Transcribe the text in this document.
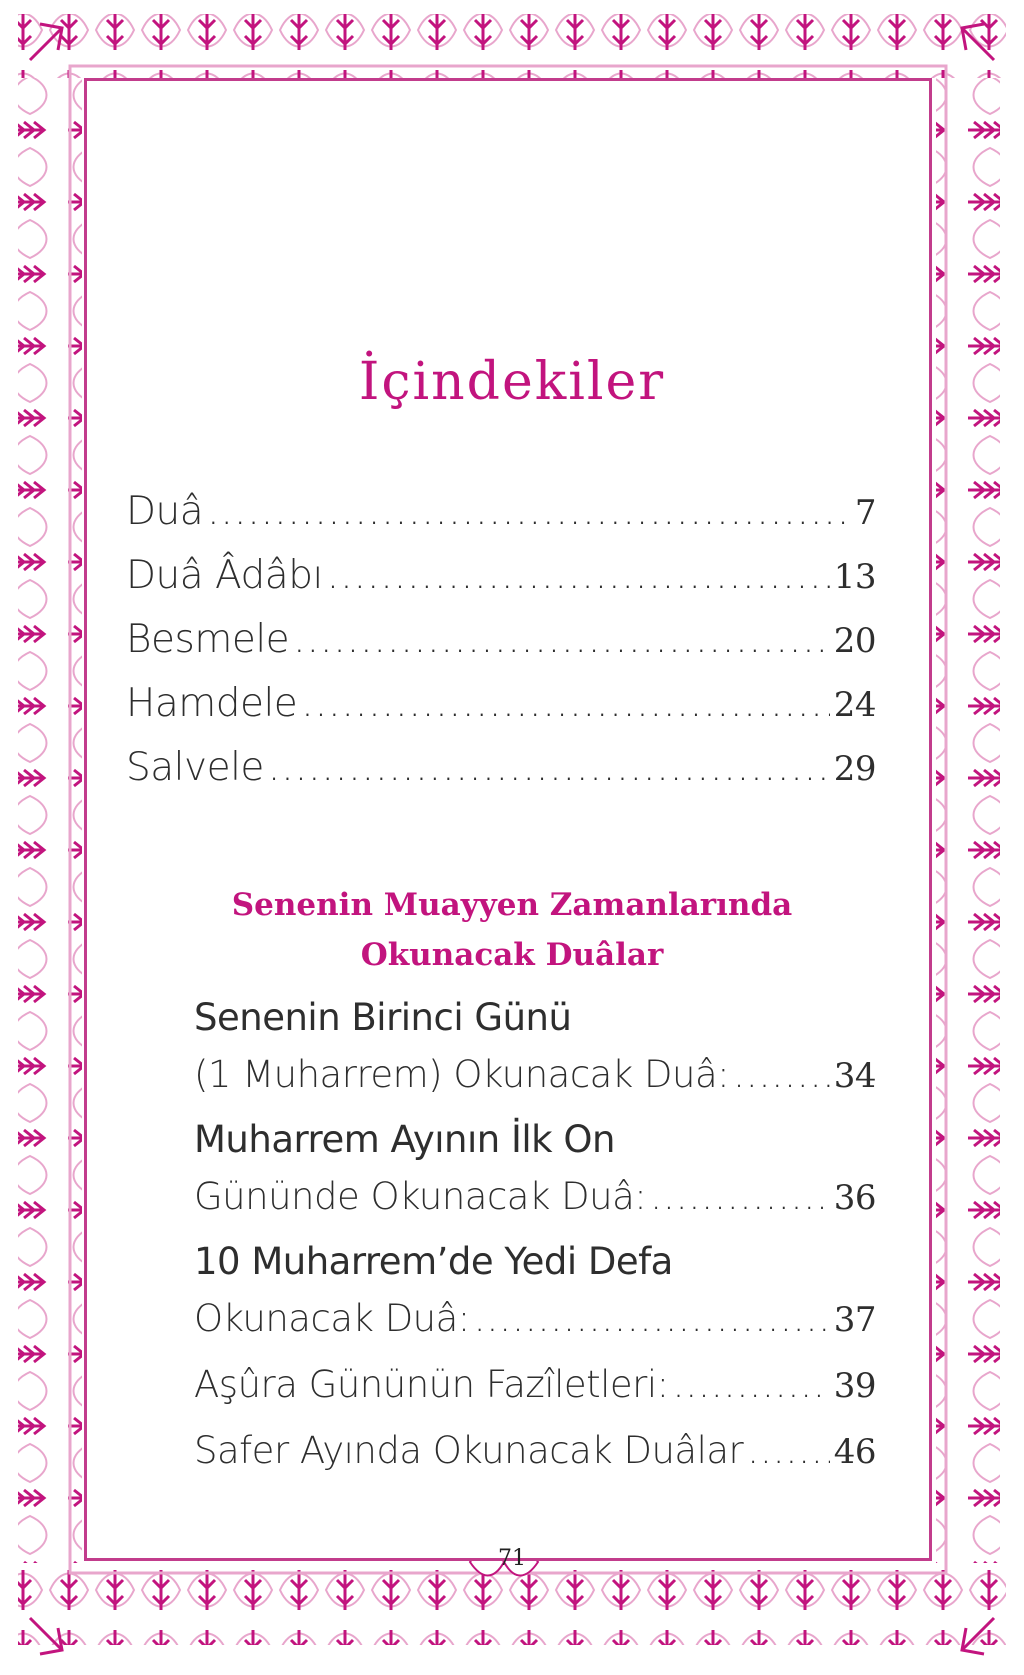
İçindekiler
Duâ .....	7
Duâ Âdâbı .....	13
Besmele .....	20
Hamdele .....	24
Salvele .....	29
Senenin Muayyen Zamanlarında
Okunacak Duâlar
Senenin Birinci Günü
(1 Muharrem) Okunacak Duâ: .....	34
Muharrem Ayının İlk On
Gününde Okunacak Duâ: .....	36
10 Muharrem’de Yedi Defa
Okunacak Duâ: .....	37
Aşûra Gününün Fazîletleri: .....	39
Safer Ayında Okunacak Duâlar .....	46
71
